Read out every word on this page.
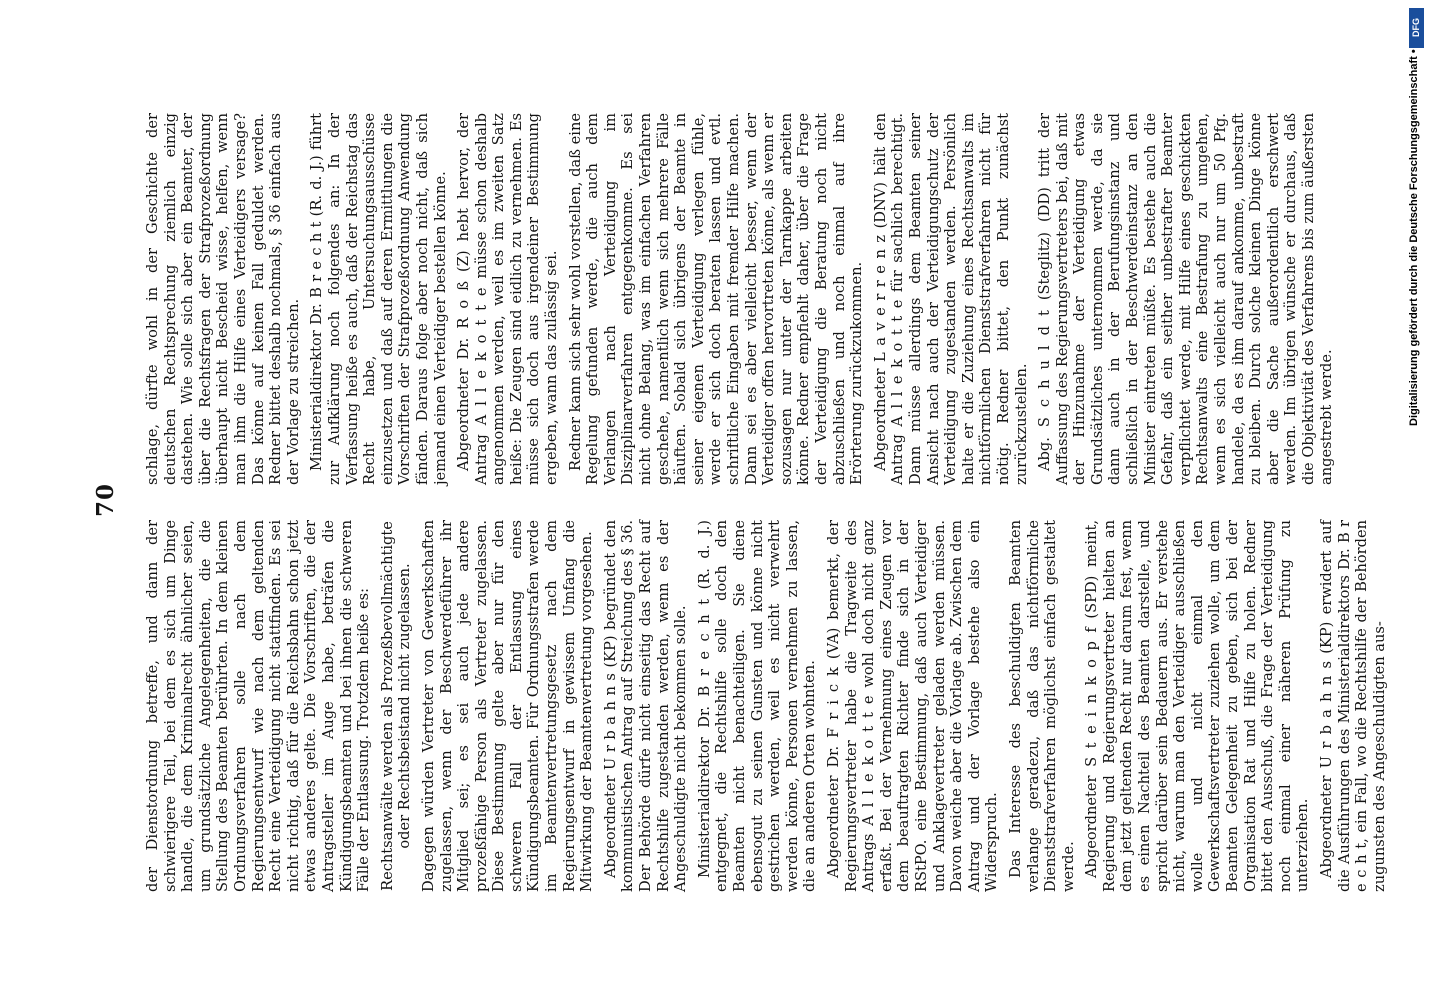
70

der Dienstordnung betreffe, und dann der schwierigere Teil, bei dem es sich um Dinge handle, die dem Kriminalrecht ähnlicher seien, um grundsätzliche Angelegenheiten, die die Stellung des Beamten berührten. In dem kleinen Ordnungsverfahren solle nach dem Regierungsentwurf wie nach dem geltenden Recht eine Verteidigung nicht stattfinden. Es sei nicht richtig, daß für die Reichsbahn schon jetzt etwas anderes gelte. Die Vorschriften, die der Antragsteller im Auge habe, beträfen die Kündigungsbeamten und bei ihnen die schweren Fälle der Entlassung. Trotzdem heiße es: Rechtsanwälte werden als Prozeßbevollmächtigte oder Rechtsbeistand nicht zugelassen. Dagegen würden Vertreter von Gewerkschaften zugelassen, wenn der Beschwerdeführer ihr Mitglied sei; es sei auch jede andere prozeßfähige Person als Vertreter zugelassen. Diese Bestimmung gelte aber nur für den schweren Fall der Entlassung eines Kündigungsbeamten. Für Ordnungsstrafen werde im Beamtenvertretungsgesetz nach dem Regierungsentwurf in gewissem Umfang die Mitwirkung der Beamtenvertretung vorgesehen. Abgeordneter U r b a h n s (KP) begründet den kommunistischen Antrag auf Streichung des § 36. Der Behörde dürfe nicht einseitig das Recht auf Rechtshilfe zugestanden werden, wenn es der Angeschuldigte nicht bekommen solle. Ministerialdirektor Dr. B r e c h t (R. d. J.) entgegnet, die Rechtshilfe solle doch den Beamten nicht benachteiligen. Sie diene ebensogut zu seinen Gunsten und könne nicht gestrichen werden, weil es nicht verwehrt werden könne, Personen vernehmen zu lassen, die an anderen Orten wohnten. Abgeordneter Dr. F r i c k (VA) bemerkt, der Regierungsvertreter habe die Tragweite des Antrags A l l e k o t t e wohl doch nicht ganz erfaßt. Bei der Vernehmung eines Zeugen vor dem beauftragten Richter finde sich in der RStPO. eine Bestimmung, daß auch Verteidiger und Anklagevertreter geladen werden müssen. Davon weiche aber die Vorlage ab. Zwischen dem Antrag und der Vorlage bestehe also ein Widerspruch. Das Interesse des beschuldigten Beamten verlange geradezu, daß das nichtförmliche Dienststrafverfahren möglichst einfach gestaltet werde. Abgeordneter S t e i n k o p f (SPD) meint, Regierung und Regierungsvertreter hielten an dem jetzt geltenden Recht nur darum fest, wenn es einen Nachteil des Beamten darstelle, und spricht darüber sein Bedauern aus. Er verstehe nicht, warum man den Verteidiger ausschließen wolle und nicht einmal den Gewerkschaftsvertreter zuziehen wolle, um dem Beamten Gelegenheit zu geben, sich bei der Organisation Rat und Hilfe zu holen. Redner bittet den Ausschuß, die Frage der Verteidigung noch einmal einer näheren Prüfung zu unterziehen. Abgeordneter U r b a h n s (KP) erwidert auf die Ausführungen des Ministerialdirektors Dr. B r e c h t, ein Fall, wo die Rechtshilfe der Behörden zugunsten des Angeschuldigten aus-

schlage, dürfte wohl in der Geschichte der deutschen Rechtsprechung ziemlich einzig dastehen. Wie solle sich aber ein Beamter, der über die Rechtsfragen der Strafprozeßordnung überhaupt nicht Bescheid wisse, helfen, wenn man ihm die Hilfe eines Verteidigers versage? Das könne auf keinen Fall geduldet werden. Redner bittet deshalb nochmals, § 36 einfach aus der Vorlage zu streichen. Ministerialdirektor Dr. B r e c h t (R. d. J.) führt zur Aufklärung noch folgendes an: In der Verfassung heiße es auch, daß der Reichstag das Recht habe, Untersuchungsausschüsse einzusetzen und daß auf deren Ermittlungen die Vorschriften der Strafprozeßordnung Anwendung fänden. Daraus folge aber noch nicht, daß sich jemand einen Verteidiger bestellen könne. Abgeordneter Dr. R o ß (Z) hebt hervor, der Antrag A l l e k o t t e müsse schon deshalb angenommen werden, weil es im zweiten Satz heiße: Die Zeugen sind eidlich zu vernehmen. Es müsse sich doch aus irgendeiner Bestimmung ergeben, wann das zulässig sei. Redner kann sich sehr wohl vorstellen, daß eine Regelung gefunden werde, die auch dem Verlangen nach Verteidigung im Disziplinarverfahren entgegenkomme. Es sei nicht ohne Belang, was im einfachen Verfahren geschehe, namentlich wenn sich mehrere Fälle häuften. Sobald sich übrigens der Beamte in seiner eigenen Verteidigung verlegen fühle, werde er sich doch beraten lassen und evtl. schriftliche Eingaben mit fremder Hilfe machen. Dann sei es aber vielleicht besser, wenn der Verteidiger offen hervortreten könne, als wenn er sozusagen nur unter der Tarnkappe arbeiten könne. Redner empfiehlt daher, über die Frage der Verteidigung die Beratung noch nicht abzuschließen und noch einmal auf ihre Erörterung zurückzukommen. Abgeordneter L a v e r r e n z (DNV) hält den Antrag A l l e k o t t e für sachlich berechtigt. Dann müsse allerdings dem Beamten seiner Ansicht nach auch der Verteidigungschutz der Verteidigung zugestanden werden. Persönlich halte er die Zuziehung eines Rechtsanwalts im nichtförmlichen Dienststrafverfahren nicht für nötig. Redner bittet, den Punkt zunächst zurückzustellen. Abg. S c h u l d t (Steglitz) (DD) tritt der Auffassung des Regierungsvertreters bei, daß mit der Hinzunahme der Verteidigung etwas Grundsätzliches unternommen werde, da sie dann auch in der Berufungsinstanz und schließlich in der Beschwerdeinstanz an den Minister eintreten müßte. Es bestehe auch die Gefahr, daß ein seither unbestrafter Beamter verpflichtet werde, mit Hilfe eines geschickten Rechtsanwalts eine Bestrafung zu umgehen, wenn es sich vielleicht auch nur um 50 Pfg. handele, da es ihm darauf ankomme, unbestraft zu bleiben. Durch solche kleinen Dinge könne aber die Sache außerordentlich erschwert werden. Im übrigen wünsche er durchaus, daß die Objektivität des Verfahrens bis zum äußersten angestrebt werde.

DFG
Digitalisierung gefördert durch die Deutsche Forschungsgemeinschaft •
